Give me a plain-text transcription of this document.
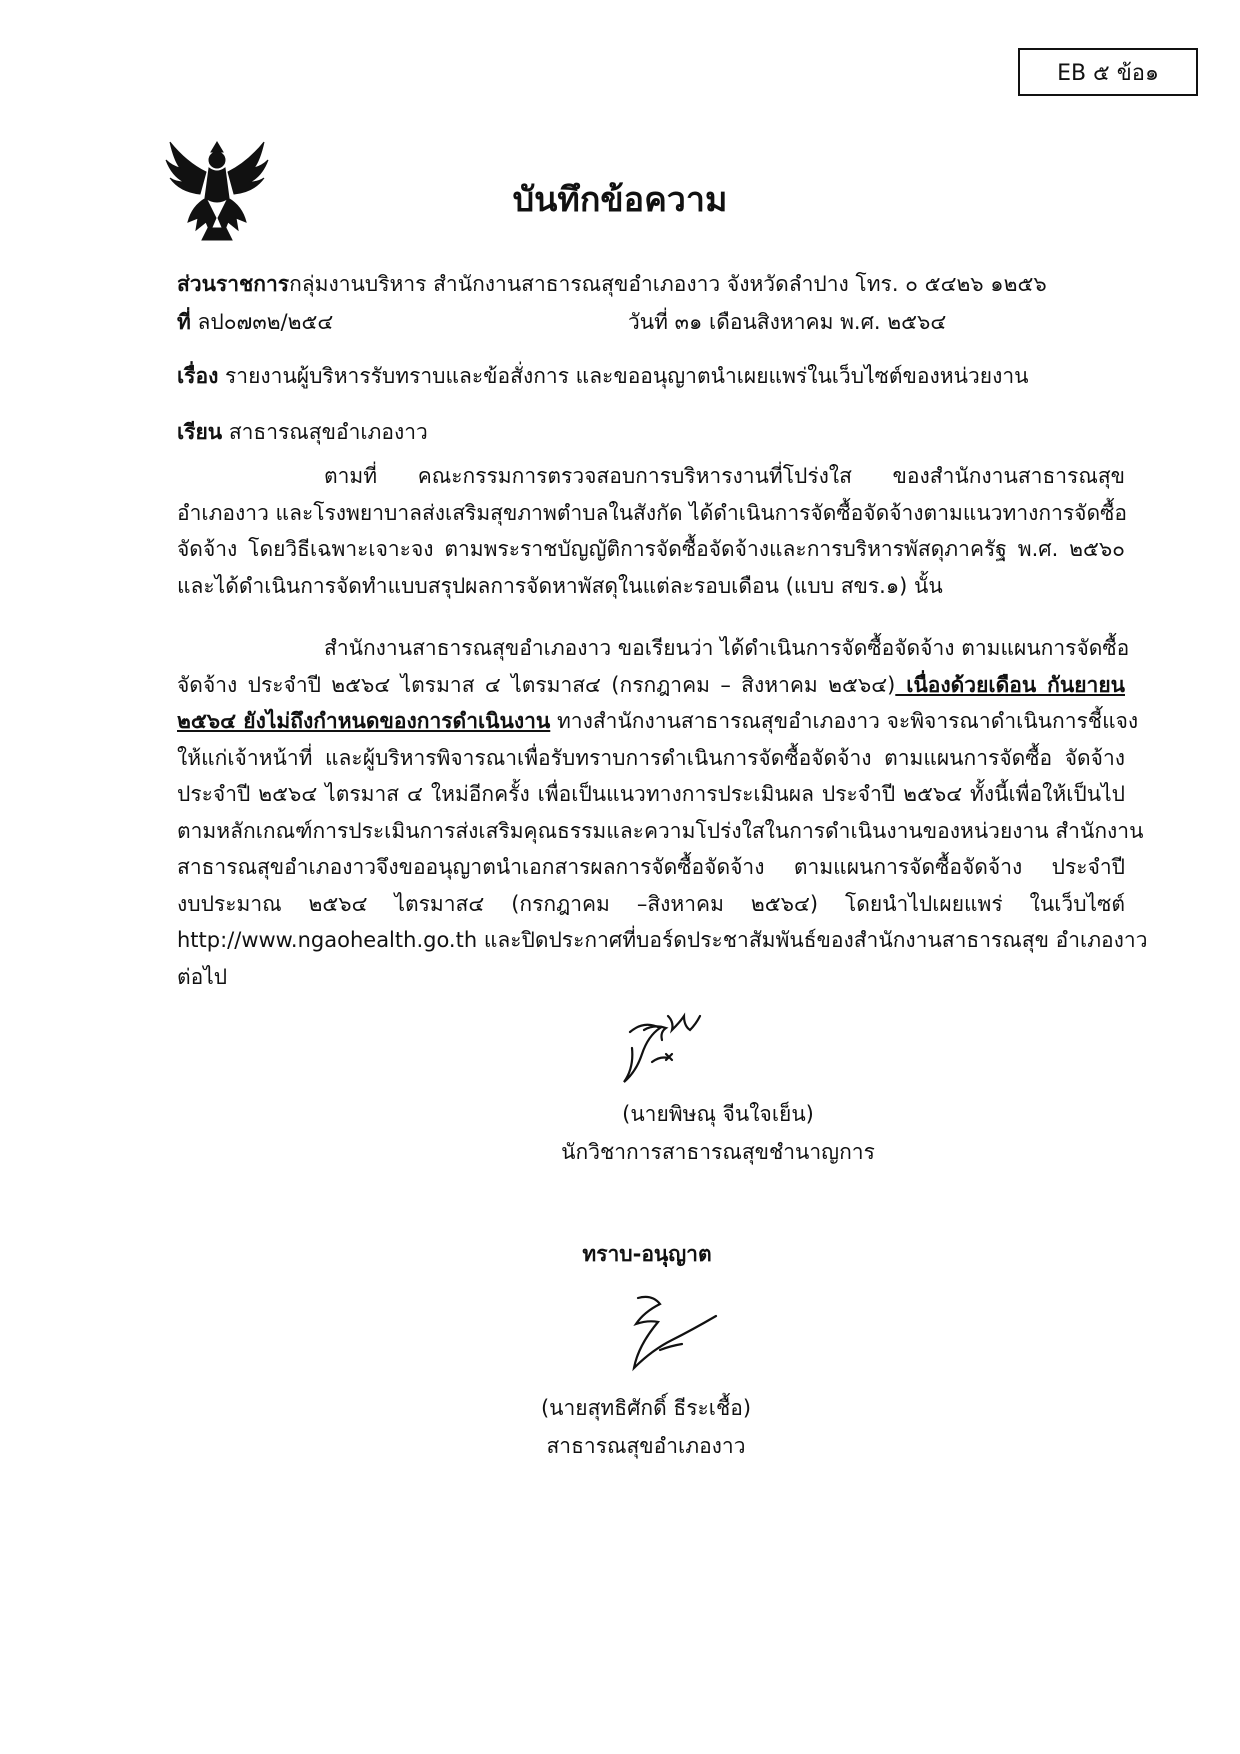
EB ๕ ข้อ๑
บันทึกข้อความ
ส่วนราชการกลุ่มงานบริหาร สำนักงานสาธารณสุขอำเภองาว จังหวัดลำปาง โทร. ๐ ๕๔๒๖ ๑๒๕๖
ที่ ลป๐๗๓๒/๒๕๔	วันที่ ๓๑ เดือนสิงหาคม พ.ศ. ๒๕๖๔
เรื่อง รายงานผู้บริหารรับทราบและข้อสั่งการ และขออนุญาตนำเผยแพร่ในเว็บไซต์ของหน่วยงาน
เรียน สาธารณสุขอำเภองาว
ตามที่ คณะกรรมการตรวจสอบการบริหารงานที่โปร่งใส ของสำนักงานสาธารณสุข
อำเภองาว และโรงพยาบาลส่งเสริมสุขภาพตำบลในสังกัด ได้ดำเนินการจัดซื้อจัดจ้างตามแนวทางการจัดซื้อ
จัดจ้าง โดยวิธีเฉพาะเจาะจง ตามพระราชบัญญัติการจัดซื้อจัดจ้างและการบริหารพัสดุภาครัฐ พ.ศ. ๒๕๖๐
และได้ดำเนินการจัดทำแบบสรุปผลการจัดหาพัสดุในแต่ละรอบเดือน (แบบ สขร.๑) นั้น
สำนักงานสาธารณสุขอำเภองาว ขอเรียนว่า ได้ดำเนินการจัดซื้อจัดจ้าง ตามแผนการจัดซื้อ
จัดจ้าง ประจำปี ๒๕๖๔ ไตรมาส ๔ ไตรมาส๔ (กรกฎาคม – สิงหาคม ๒๕๖๔) เนื่องด้วยเดือน กันยายน
๒๕๖๔ ยังไม่ถึงกำหนดของการดำเนินงาน ทางสำนักงานสาธารณสุขอำเภองาว จะพิจารณาดำเนินการชี้แจง
ให้แก่เจ้าหน้าที่ และผู้บริหารพิจารณาเพื่อรับทราบการดำเนินการจัดซื้อจัดจ้าง ตามแผนการจัดซื้อ จัดจ้าง
ประจำปี ๒๕๖๔ ไตรมาส ๔ ใหม่อีกครั้ง เพื่อเป็นแนวทางการประเมินผล ประจำปี ๒๕๖๔ ทั้งนี้เพื่อให้เป็นไป
ตามหลักเกณฑ์การประเมินการส่งเสริมคุณธรรมและความโปร่งใสในการดำเนินงานของหน่วยงาน สำนักงาน
สาธารณสุขอำเภองาวจึงขออนุญาตนำเอกสารผลการจัดซื้อจัดจ้าง ตามแผนการจัดซื้อจัดจ้าง ประจำปี
งบประมาณ ๒๕๖๔ ไตรมาส๔ (กรกฎาคม –สิงหาคม ๒๕๖๔) โดยนำไปเผยแพร่ ในเว็บไซต์
http://www.ngaohealth.go.th และปิดประกาศที่บอร์ดประชาสัมพันธ์ของสำนักงานสาธารณสุข อำเภองาว
ต่อไป
(นายพิษณุ จีนใจเย็น)
นักวิชาการสาธารณสุขชำนาญการ
ทราบ-อนุญาต
(นายสุทธิศักดิ์ ธีระเชื้อ)
สาธารณสุขอำเภองาว
